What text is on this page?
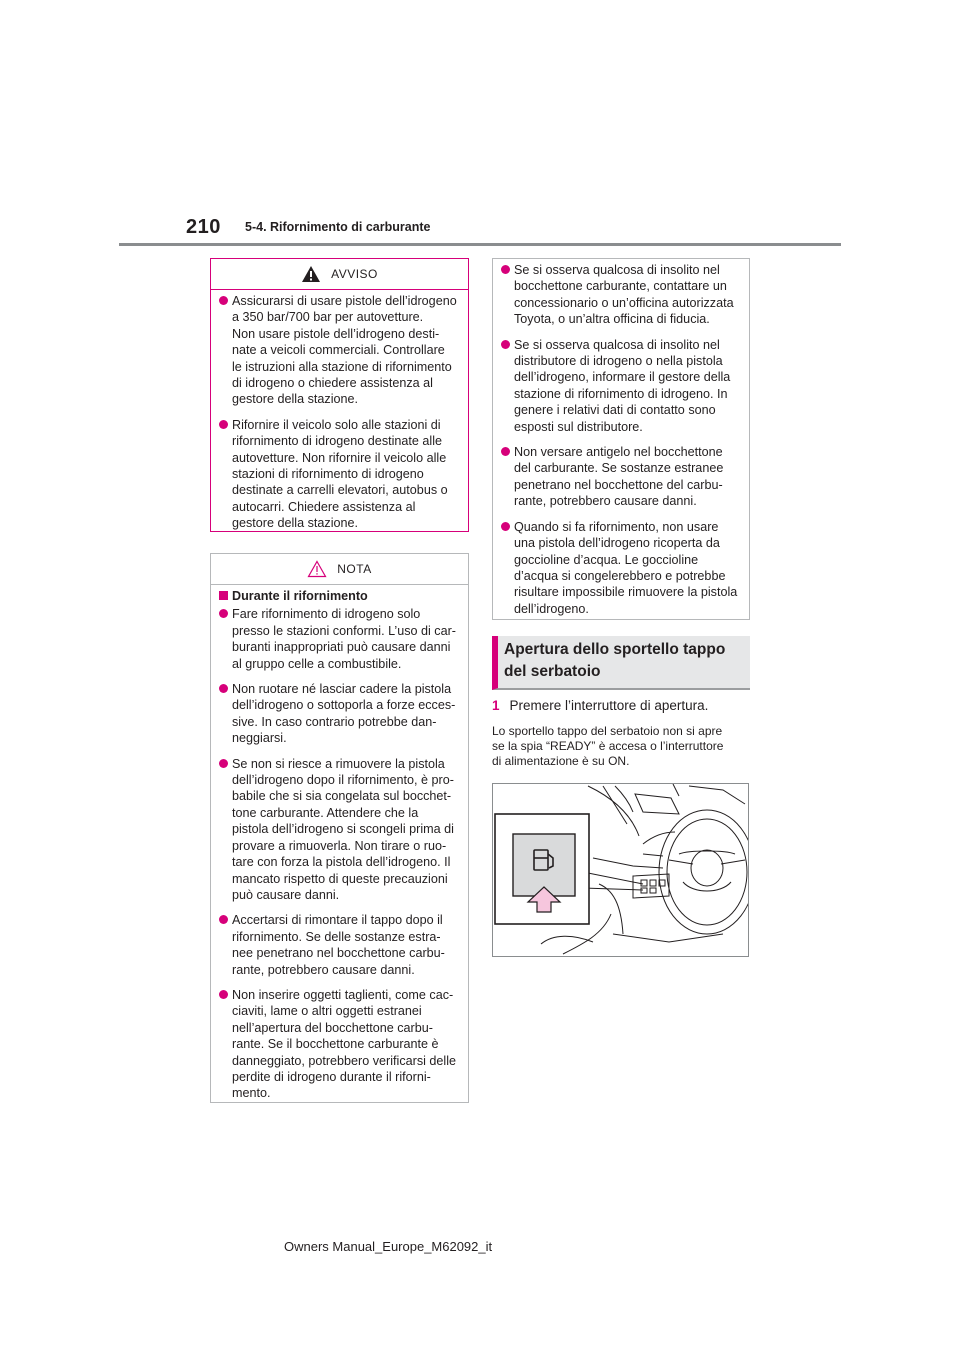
210 5-4. Rifornimento di carburante
AVVISO

Assicurarsi di usare pistole dell’idrogeno
a 350 bar/700 bar per autovetture.
Non usare pistole dell’idrogeno desti-
nate a veicoli commerciali. Controllare
le istruzioni alla stazione di rifornimento
di idrogeno o chiedere assistenza al
gestore della stazione.

Rifornire il veicolo solo alle stazioni di
rifornimento di idrogeno destinate alle
autovetture. Non rifornire il veicolo alle
stazioni di rifornimento di idrogeno
destinate a carrelli elevatori, autobus o
autocarri. Chiedere assistenza al
gestore della stazione.

NOTA
Durante il rifornimento

Fare rifornimento di idrogeno solo
presso le stazioni conformi. L’uso di car-
buranti inappropriati può causare danni
al gruppo celle a combustibile.

Non ruotare né lasciar cadere la pistola
dell’idrogeno o sottoporla a forze ecces-
sive. In caso contrario potrebbe dan-
neggiarsi.

Se non si riesce a rimuovere la pistola
dell’idrogeno dopo il rifornimento, è pro-
babile che si sia congelata sul bocchet-
tone carburante. Attendere che la
pistola dell’idrogeno si scongeli prima di
provare a rimuoverla. Non tirare o ruo-
tare con forza la pistola dell’idrogeno. Il
mancato rispetto di queste precauzioni
può causare danni.

Accertarsi di rimontare il tappo dopo il
rifornimento. Se delle sostanze estra-
nee penetrano nel bocchettone carbu-
rante, potrebbero causare danni.

Non inserire oggetti taglienti, come cac-
ciaviti, lame o altri oggetti estranei
nell’apertura del bocchettone carbu-
rante. Se il bocchettone carburante è
danneggiato, potrebbero verificarsi delle
perdite di idrogeno durante il riforni-
mento.

Se si osserva qualcosa di insolito nel
bocchettone carburante, contattare un
concessionario o un’officina autorizzata
Toyota, o un’altra officina di fiducia.

Se si osserva qualcosa di insolito nel
distributore di idrogeno o nella pistola
dell’idrogeno, informare il gestore della
stazione di rifornimento di idrogeno. In
genere i relativi dati di contatto sono
esposti sul distributore.

Non versare antigelo nel bocchettone
del carburante. Se sostanze estranee
penetrano nel bocchettone del carbu-
rante, potrebbero causare danni.

Quando si fa rifornimento, non usare
una pistola dell’idrogeno ricoperta da
goccioline d’acqua. Le goccioline
d’acqua si congelerebbero e potrebbe
risultare impossibile rimuovere la pistola
dell’idrogeno.

Apertura dello sportello tappo
del serbatoio
1 Premere l’interruttore di apertura.
Lo sportello tappo del serbatoio non si apre
se la spia “READY” è accesa o l’interruttore
di alimentazione è su ON.
Owners Manual_Europe_M62092_it
